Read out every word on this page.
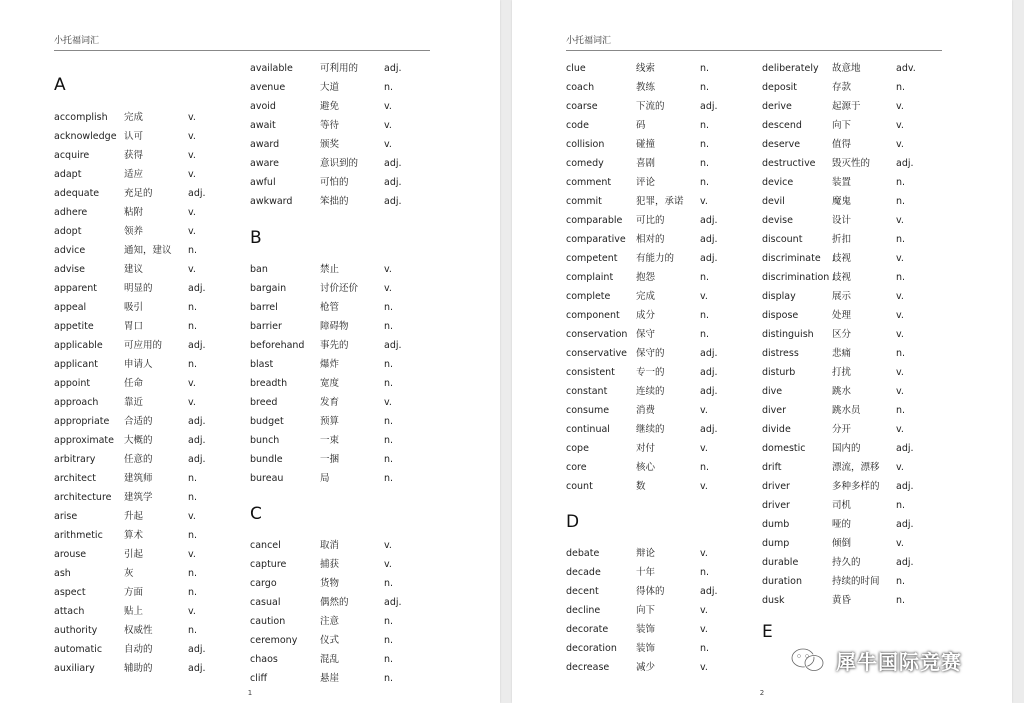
小托福词汇
1
A
accomplish	完成	v.
acknowledge 认可	v.
acquire	获得	v.
adapt	适应	v.
adequate	充足的	adj.
adhere	粘附	v.
adopt	领养	v.
advice	通知，建议	n.
advise	建议	v.
apparent	明显的	adj.
appeal	吸引	n.
appetite	胃口	n.
applicable	可应用的	adj.
applicant	申请人	n.
appoint	任命	v.
approach	靠近	v.
appropriate	合适的	adj.
approximate	大概的	adj.
arbitrary	任意的	adj.
architect	建筑师	n.
architecture	建筑学	n.
arise	升起	v.
arithmetic	算术	n.
arouse	引起	v.
ash	灰	n.
aspect	方面	n.
attach	贴上	v.
authority	权威性	n.
automatic	自动的	adj.
auxiliary	辅助的	adj.
available	可利用的	adj.
avenue	大道	n.
avoid	避免	v.
await	等待	v.
award	颁奖	v.
aware	意识到的	adj.
awful	可怕的	adj.
awkward	笨拙的	adj.
B
ban	禁止	v.
bargain	讨价还价	v.
barrel	枪管	n.
barrier	障碍物	n.
beforehand	事先的	adj.
blast	爆炸	n.
breadth	宽度	n.
breed	发育	v.
budget	预算	n.
bunch	一束	n.
bundle	一捆	n.
bureau	局	n.
C
cancel	取消	v.
capture	捕获	v.
cargo	货物	n.
casual	偶然的	adj.
caution	注意	n.
ceremony	仪式	n.
chaos	混乱	n.
cliff	悬崖	n.
小托福词汇
2
clue	线索	n.
coach	教练	n.
coarse	下流的	adj.
code	码	n.
collision	碰撞	n.
comedy	喜剧	n.
comment	评论	n.
commit	犯罪，承诺	v.
comparable	可比的	adj.
comparative	相对的	adj.
competent	有能力的	adj.
complaint	抱怨	n.
complete	完成	v.
component	成分	n.
conservation 保守	n.
conservative 保守的	adj.
consistent	专一的	adj.
constant	连续的	adj.
consume	消费	v.
continual	继续的	adj.
cope	对付	v.
core	核心	n.
count	数	v.
D
debate	辩论	v.
decade	十年	n.
decent	得体的	adj.
decline	向下	v.
decorate	装饰	v.
decoration	装饰	n.
decrease	减少	v.
deliberately	故意地	adv.
deposit	存款	n.
derive	起源于	v.
descend	向下	v.
deserve	值得	v.
destructive	毁灭性的	adj.
device	装置	n.
devil	魔鬼	n.
devise	设计	v.
discount	折扣	n.
discriminate	歧视	v.
discrimination 歧视	n.
display	展示	v.
dispose	处理	v.
distinguish	区分	v.
distress	悲痛	n.
disturb	打扰	v.
dive	跳水	v.
diver	跳水员	n.
divide	分开	v.
domestic	国内的	adj.
drift	漂流，漂移	v.
driver	多种多样的	adj.
driver	司机	n.
dumb	哑的	adj.
dump	倾倒	v.
durable	持久的	adj.
duration	持续的时间	n.
dusk	黄昏	n.
E
犀牛国际竞赛
